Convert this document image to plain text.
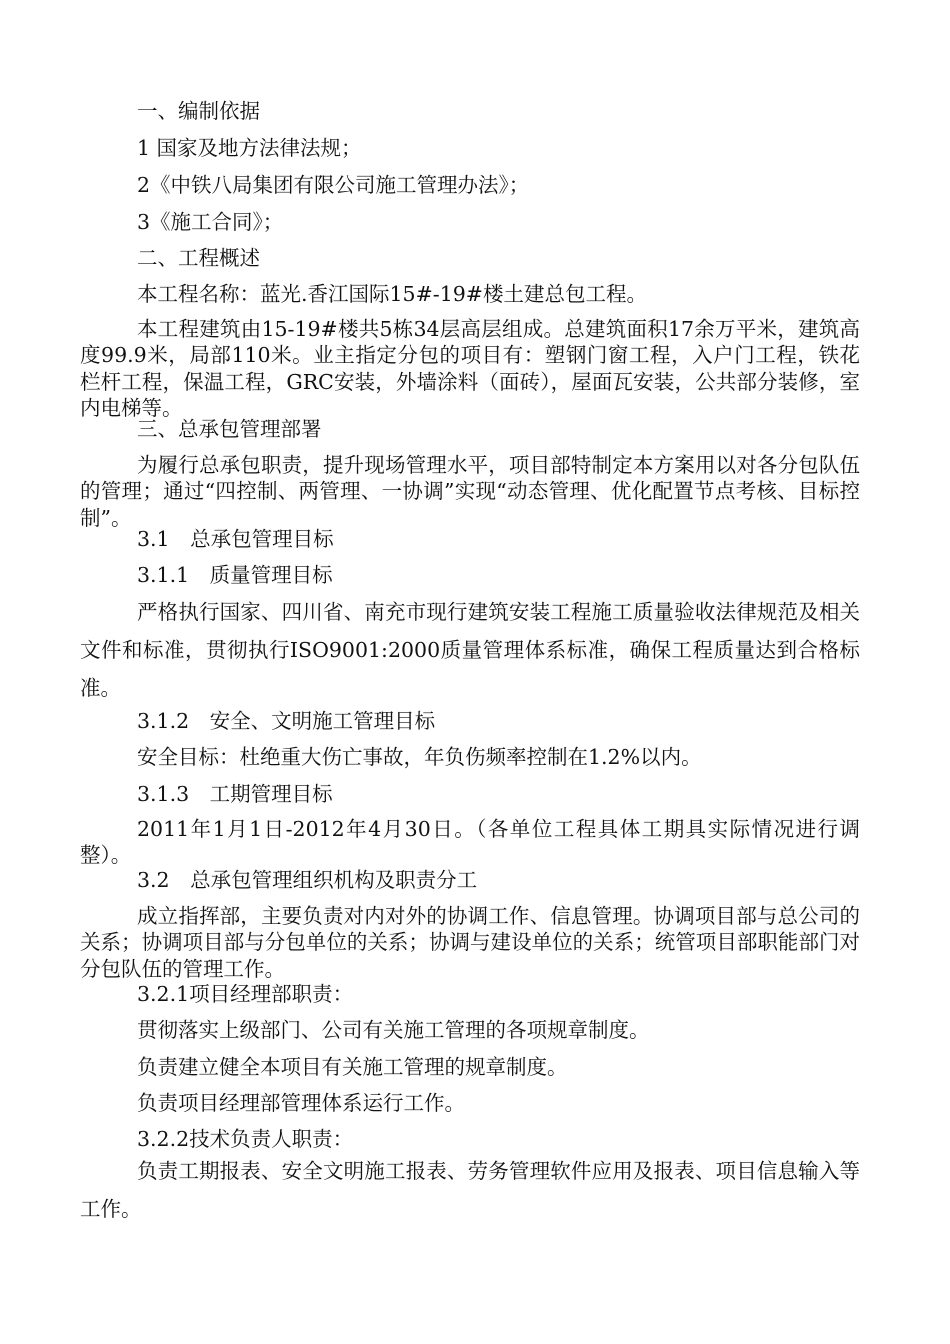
一、编制依据
1 国家及地方法律法规；
2《中铁八局集团有限公司施工管理办法》；
3《施工合同》；
二、工程概述
本工程名称：蓝光.香江国际15#-19#楼土建总包工程。
本工程建筑由15-19#楼共5栋34层高层组成。总建筑面积17余万平米，建筑高度99.9米，局部110米。业主指定分包的项目有：塑钢门窗工程，入户门工程，铁花栏杆工程，保温工程，GRC安装，外墙涂料（面砖），屋面瓦安装，公共部分装修，室内电梯等。
三、总承包管理部署
为履行总承包职责，提升现场管理水平，项目部特制定本方案用以对各分包队伍的管理；通过“四控制、两管理、一协调”实现“动态管理、优化配置节点考核、目标控制”。
3.1　总承包管理目标
3.1.1　质量管理目标
严格执行国家、四川省、南充市现行建筑安装工程施工质量验收法律规范及相关文件和标准，贯彻执行ISO9001:2000质量管理体系标准，确保工程质量达到合格标准。
3.1.2　安全、文明施工管理目标
安全目标：杜绝重大伤亡事故，年负伤频率控制在1.2%以内。
3.1.3　工期管理目标
2011年1月1日-2012年4月30日。（各单位工程具体工期具实际情况进行调整）。
3.2　总承包管理组织机构及职责分工
成立指挥部，主要负责对内对外的协调工作、信息管理。协调项目部与总公司的关系；协调项目部与分包单位的关系；协调与建设单位的关系；统管项目部职能部门对分包队伍的管理工作。
3.2.1项目经理部职责：
贯彻落实上级部门、公司有关施工管理的各项规章制度。
负责建立健全本项目有关施工管理的规章制度。
负责项目经理部管理体系运行工作。
3.2.2技术负责人职责：
负责工期报表、安全文明施工报表、劳务管理软件应用及报表、项目信息输入等工作。
